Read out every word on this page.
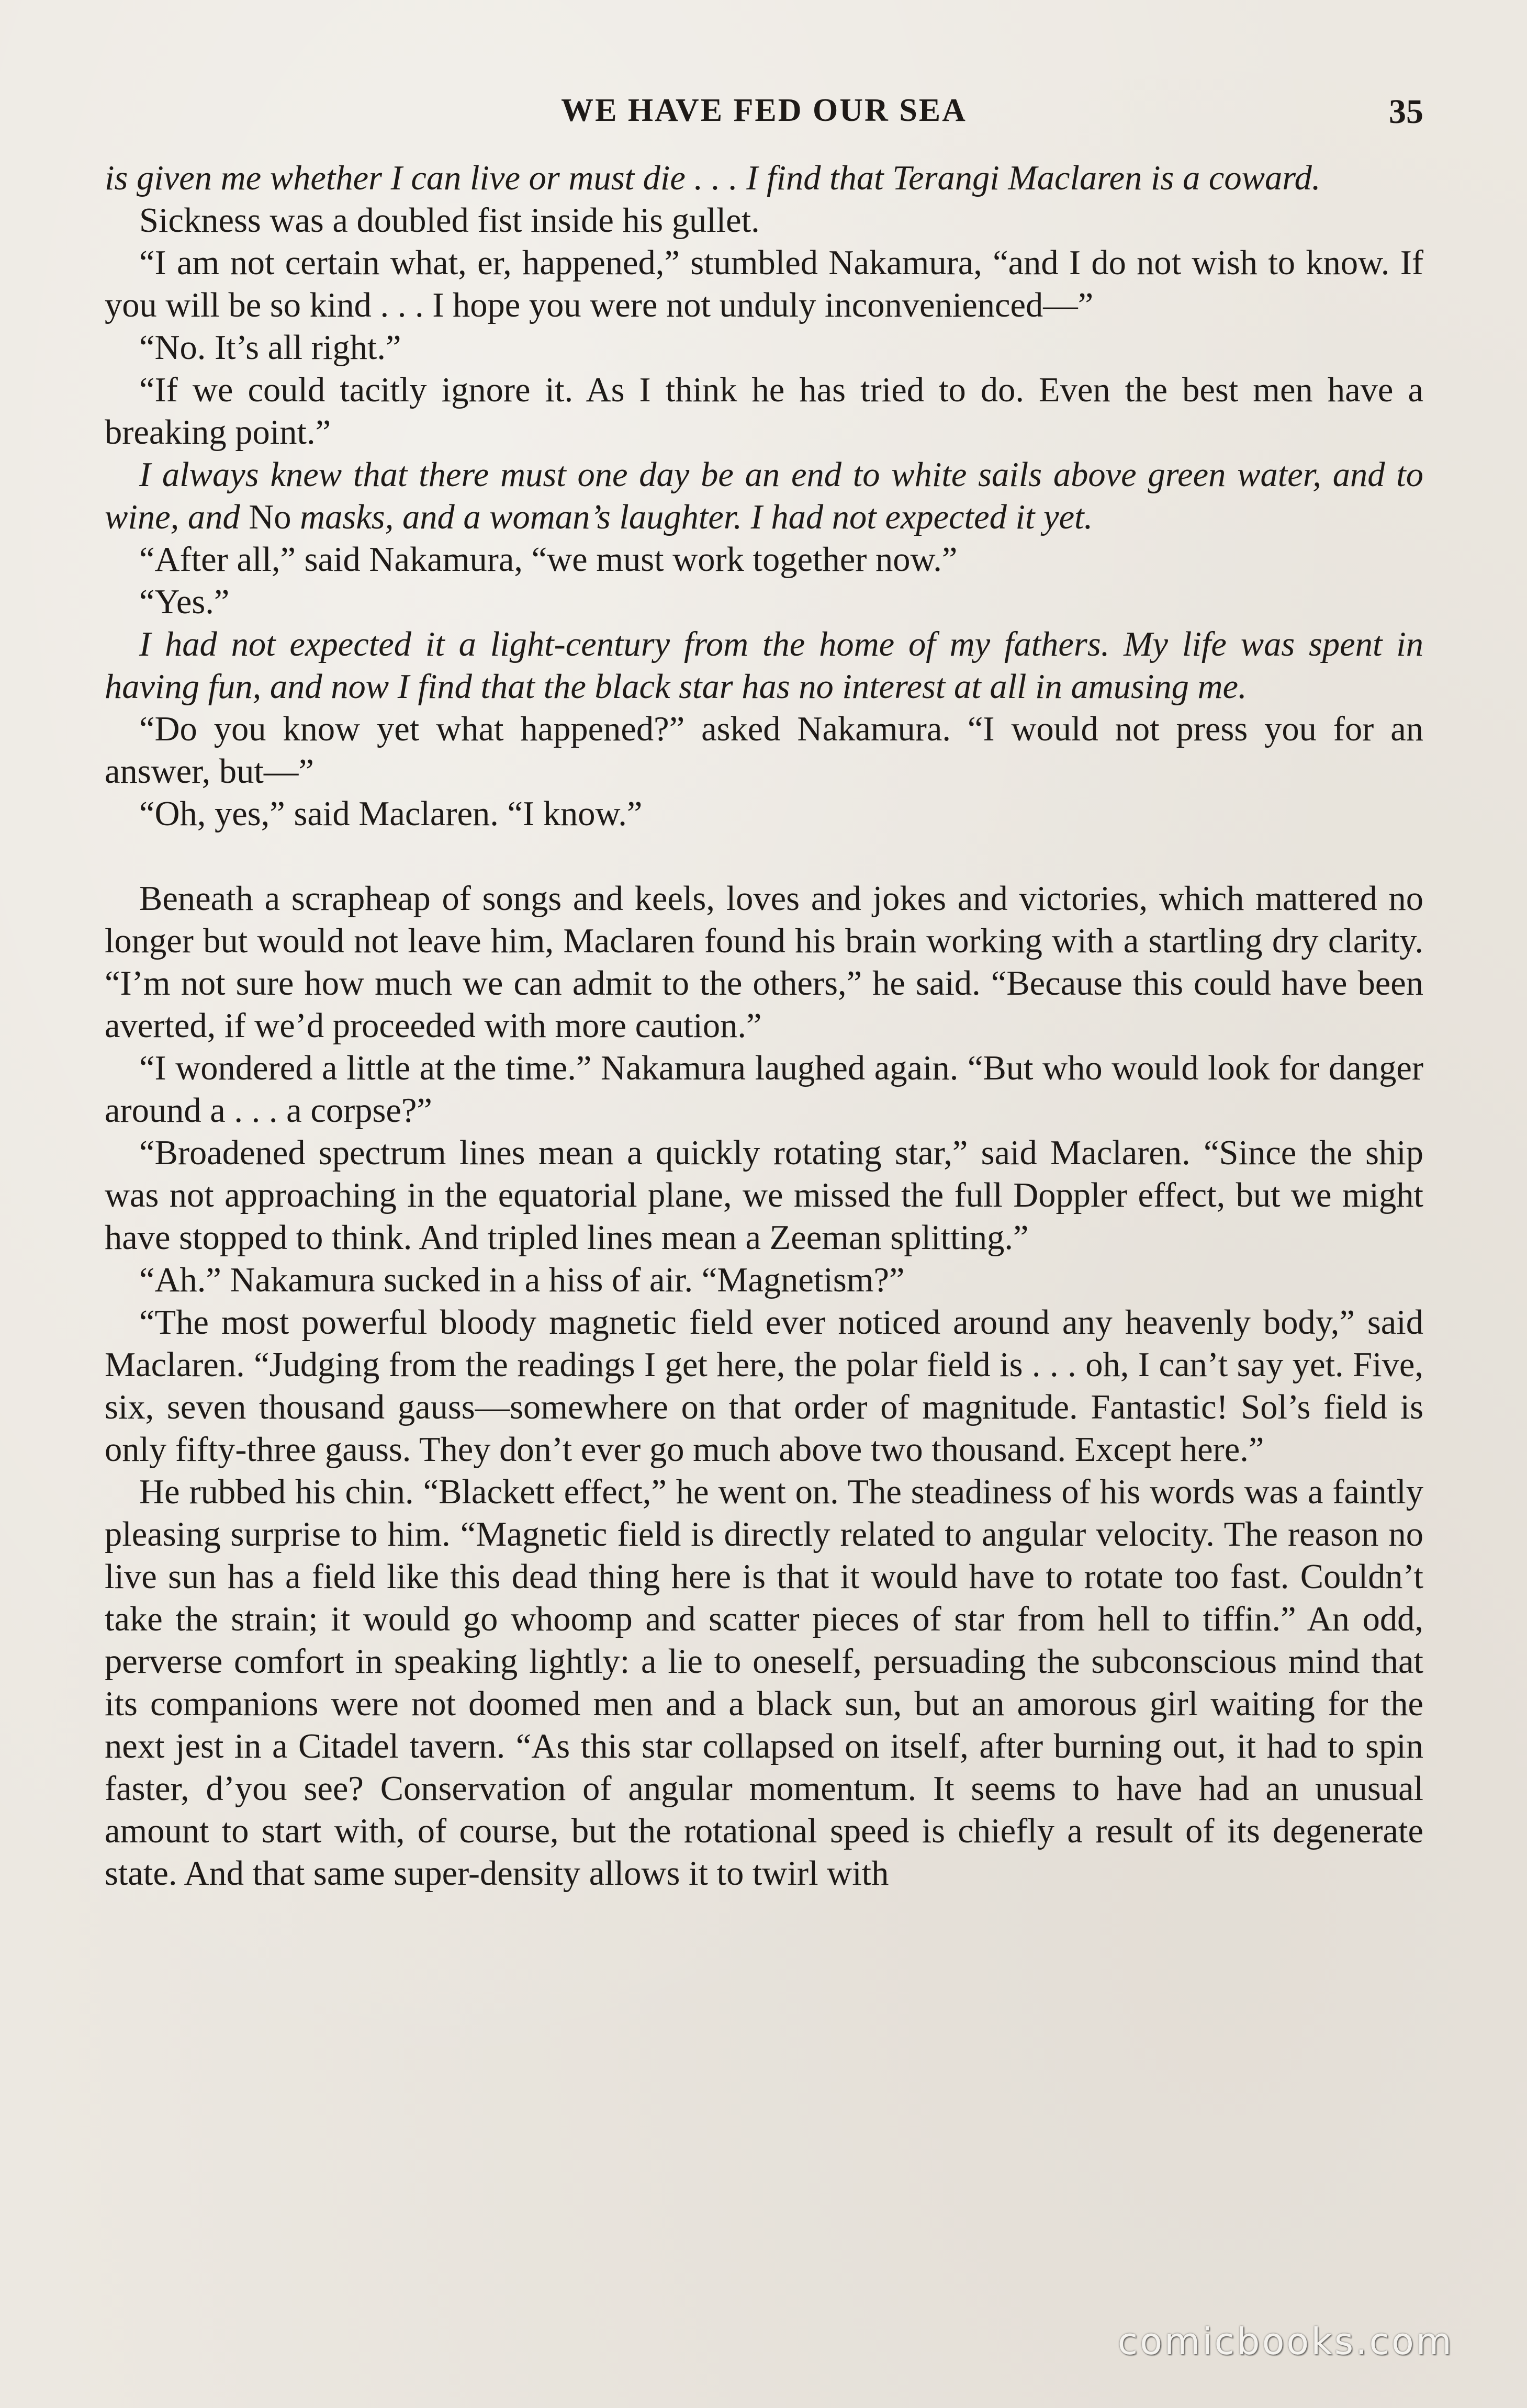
WE HAVE FED OUR SEA	35

is given me whether I can live or must die . . . I find that Terangi Maclaren is a coward.

Sickness was a doubled fist inside his gullet.

“I am not certain what, er, happened,” stumbled Nakamura, “and I do not wish to know. If you will be so kind . . . I hope you were not unduly inconvenienced—”

“No. It’s all right.”

“If we could tacitly ignore it. As I think he has tried to do. Even the best men have a breaking point.”

I always knew that there must one day be an end to white sails above green water, and to wine, and No masks, and a woman’s laughter. I had not expected it yet.

“After all,” said Nakamura, “we must work together now.”

“Yes.”

I had not expected it a light-century from the home of my fathers. My life was spent in having fun, and now I find that the black star has no interest at all in amusing me.

“Do you know yet what happened?” asked Nakamura. “I would not press you for an answer, but—”

“Oh, yes,” said Maclaren. “I know.”

Beneath a scrapheap of songs and keels, loves and jokes and victories, which mattered no longer but would not leave him, Maclaren found his brain working with a startling dry clarity. “I’m not sure how much we can admit to the others,” he said. “Because this could have been averted, if we’d proceeded with more caution.”

“I wondered a little at the time.” Nakamura laughed again. “But who would look for danger around a . . . a corpse?”

“Broadened spectrum lines mean a quickly rotating star,” said Maclaren. “Since the ship was not approaching in the equatorial plane, we missed the full Doppler effect, but we might have stopped to think. And tripled lines mean a Zeeman splitting.”

“Ah.” Nakamura sucked in a hiss of air. “Magnetism?”

“The most powerful bloody magnetic field ever noticed around any heavenly body,” said Maclaren. “Judging from the readings I get here, the polar field is . . . oh, I can’t say yet. Five, six, seven thousand gauss—somewhere on that order of magnitude. Fantastic! Sol’s field is only fifty-three gauss. They don’t ever go much above two thousand. Except here.”

He rubbed his chin. “Blackett effect,” he went on. The steadiness of his words was a faintly pleasing surprise to him. “Magnetic field is directly related to angular velocity. The reason no live sun has a field like this dead thing here is that it would have to rotate too fast. Couldn’t take the strain; it would go whoomp and scatter pieces of star from hell to tiffin.” An odd, perverse comfort in speaking lightly: a lie to oneself, persuading the subconscious mind that its companions were not doomed men and a black sun, but an amorous girl waiting for the next jest in a Citadel tavern. “As this star collapsed on itself, after burning out, it had to spin faster, d’you see? Conservation of angular momentum. It seems to have had an unusual amount to start with, of course, but the rotational speed is chiefly a result of its degenerate state. And that same super-density allows it to twirl with

comicbooks.com
